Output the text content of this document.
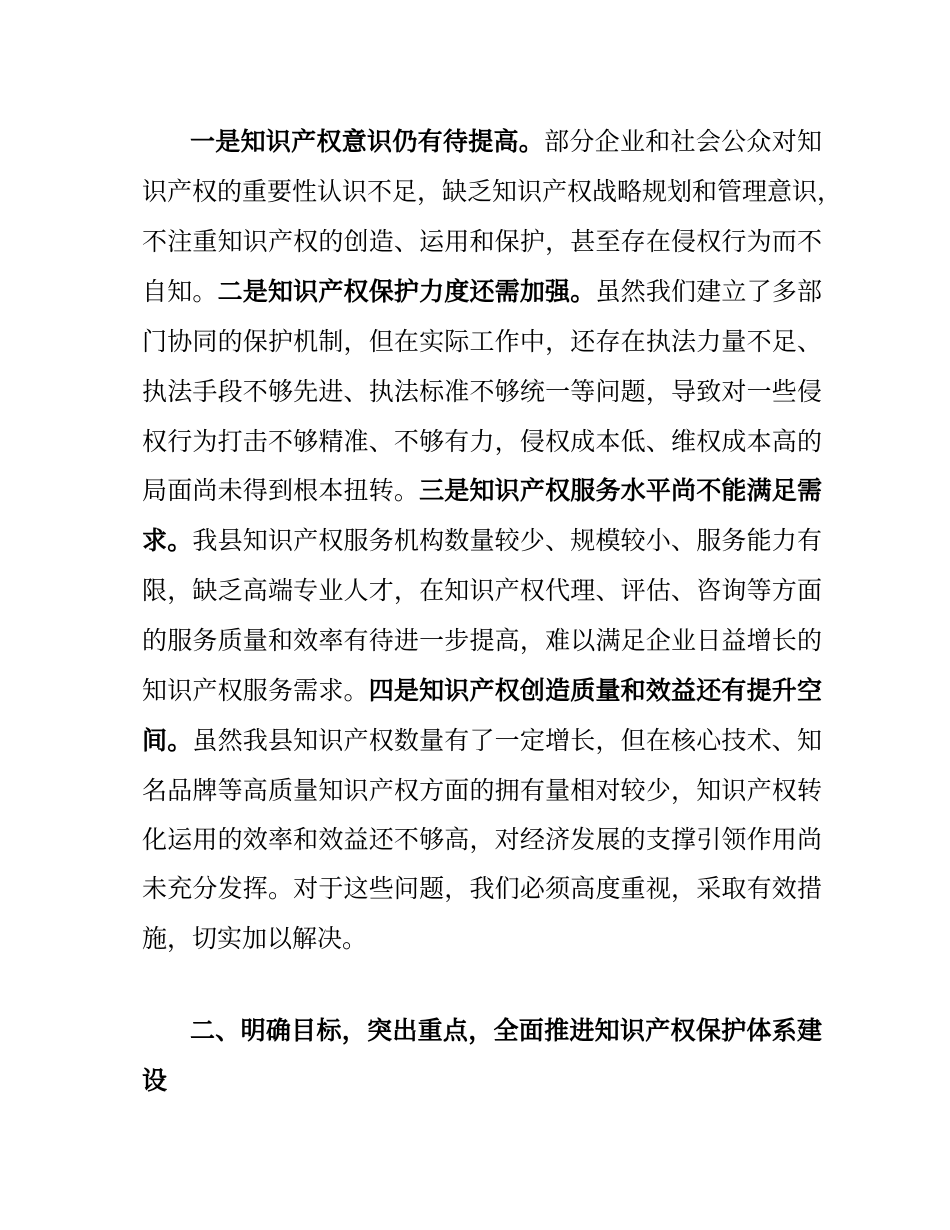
一是知识产权意识仍有待提高。部分企业和社会公众对知
识产权的重要性认识不足，缺乏知识产权战略规划和管理意识，
不注重知识产权的创造、运用和保护，甚至存在侵权行为而不
自知。二是知识产权保护力度还需加强。虽然我们建立了多部
门协同的保护机制，但在实际工作中，还存在执法力量不足、
执法手段不够先进、执法标准不够统一等问题，导致对一些侵
权行为打击不够精准、不够有力，侵权成本低、维权成本高的
局面尚未得到根本扭转。三是知识产权服务水平尚不能满足需
求。我县知识产权服务机构数量较少、规模较小、服务能力有
限，缺乏高端专业人才，在知识产权代理、评估、咨询等方面
的服务质量和效率有待进一步提高，难以满足企业日益增长的
知识产权服务需求。四是知识产权创造质量和效益还有提升空
间。虽然我县知识产权数量有了一定增长，但在核心技术、知
名品牌等高质量知识产权方面的拥有量相对较少，知识产权转
化运用的效率和效益还不够高，对经济发展的支撑引领作用尚
未充分发挥。对于这些问题，我们必须高度重视，采取有效措
施，切实加以解决。
二、明确目标，突出重点，全面推进知识产权保护体系建
设
